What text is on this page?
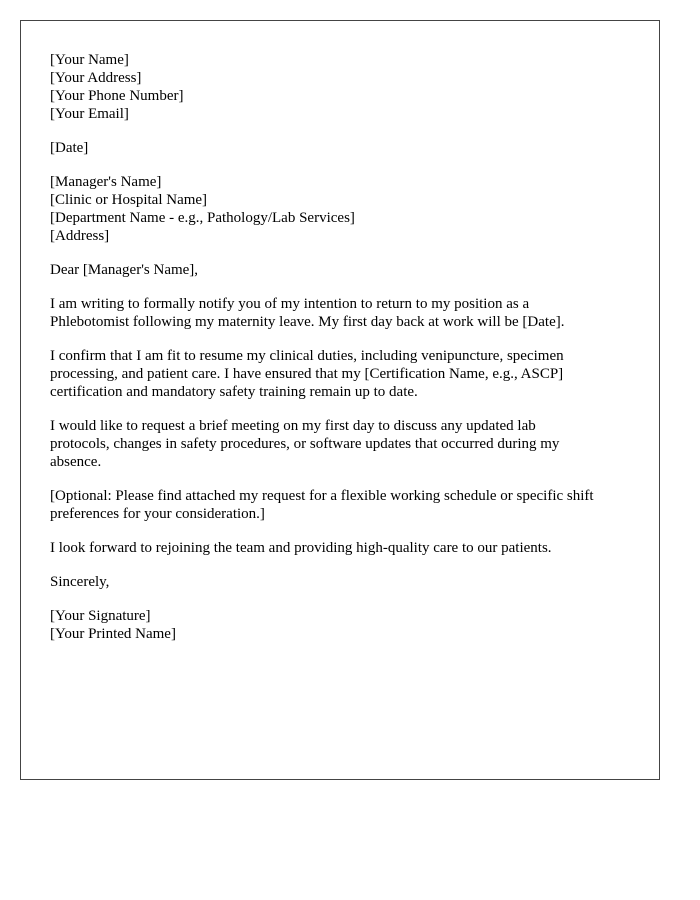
[Your Name]
[Your Address]
[Your Phone Number]
[Your Email]
[Date]
[Manager's Name]
[Clinic or Hospital Name]
[Department Name - e.g., Pathology/Lab Services]
[Address]
Dear [Manager's Name],
I am writing to formally notify you of my intention to return to my position as a
Phlebotomist following my maternity leave. My first day back at work will be [Date].
I confirm that I am fit to resume my clinical duties, including venipuncture, specimen
processing, and patient care. I have ensured that my [Certification Name, e.g., ASCP]
certification and mandatory safety training remain up to date.
I would like to request a brief meeting on my first day to discuss any updated lab
protocols, changes in safety procedures, or software updates that occurred during my
absence.
[Optional: Please find attached my request for a flexible working schedule or specific shift
preferences for your consideration.]
I look forward to rejoining the team and providing high-quality care to our patients.
Sincerely,
[Your Signature]
[Your Printed Name]
